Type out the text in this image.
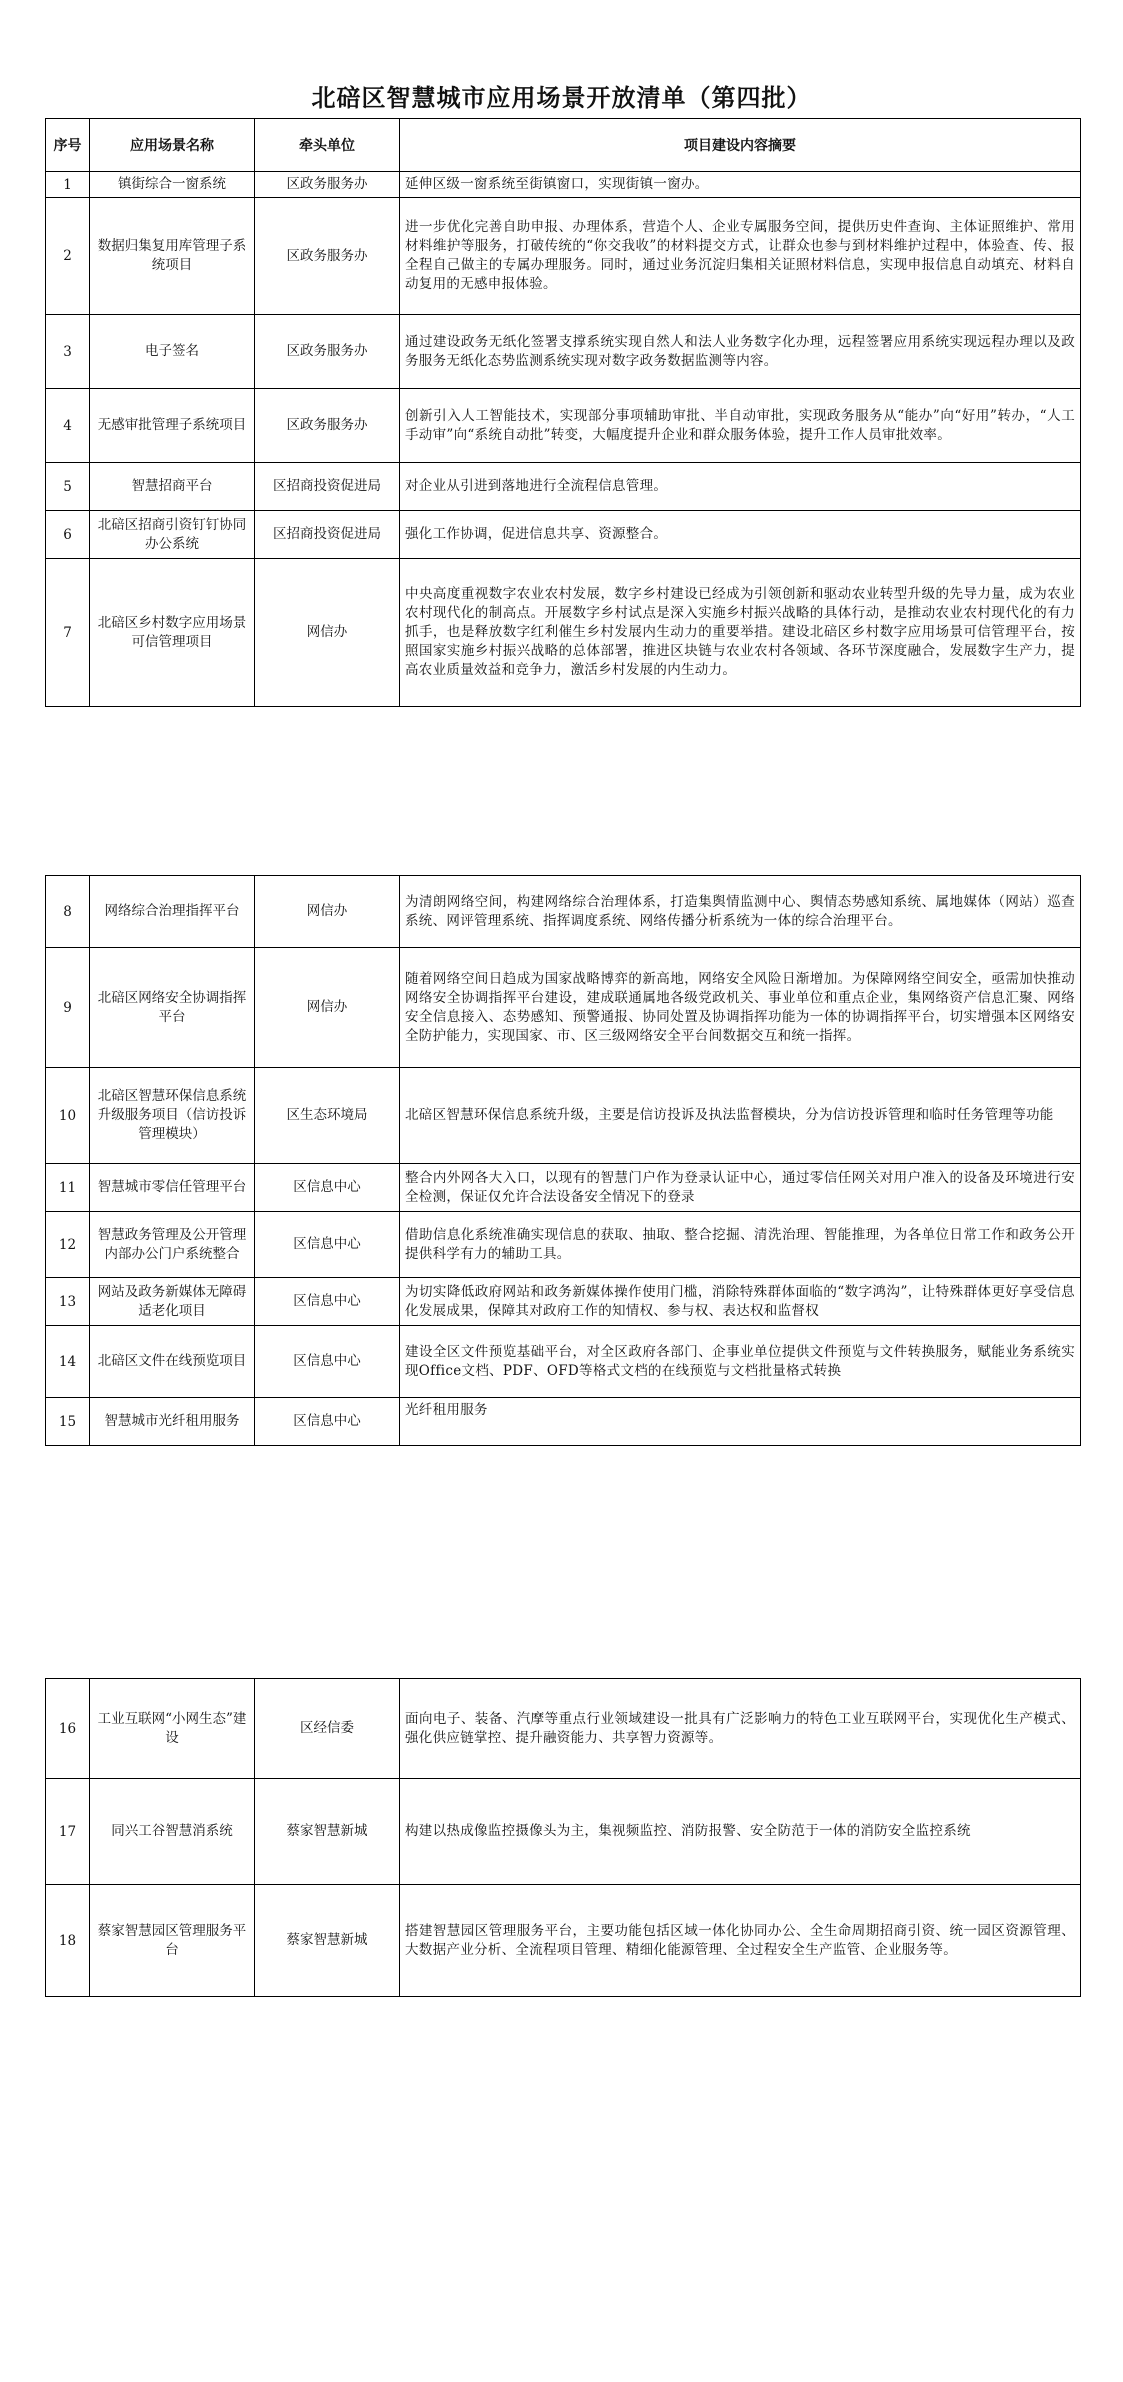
北碚区智慧城市应用场景开放清单（第四批）
序号	应用场景名称	牵头单位	项目建设内容摘要
1	镇街综合一窗系统	区政务服务办	延伸区级一窗系统至街镇窗口，实现街镇一窗办。
2	数据归集复用库管理子系统项目	区政务服务办	进一步优化完善自助申报、办理体系，营造个人、企业专属服务空间，提供历史件查询、主体证照维护、常用材料维护等服务，打破传统的“你交我收”的材料提交方式，让群众也参与到材料维护过程中，体验查、传、报全程自己做主的专属办理服务。同时，通过业务沉淀归集相关证照材料信息，实现申报信息自动填充、材料自动复用的无感申报体验。
3	电子签名	区政务服务办	通过建设政务无纸化签署支撑系统实现自然人和法人业务数字化办理，远程签署应用系统实现远程办理以及政务服务无纸化态势监测系统实现对数字政务数据监测等内容。
4	无感审批管理子系统项目	区政务服务办	创新引入人工智能技术，实现部分事项辅助审批、半自动审批，实现政务服务从“能办”向“好用”转办，“人工手动审”向“系统自动批”转变，大幅度提升企业和群众服务体验，提升工作人员审批效率。
5	智慧招商平台	区招商投资促进局	对企业从引进到落地进行全流程信息管理。
6	北碚区招商引资钉钉协同办公系统	区招商投资促进局	强化工作协调，促进信息共享、资源整合。
7	北碚区乡村数字应用场景可信管理项目	网信办	中央高度重视数字农业农村发展，数字乡村建设已经成为引领创新和驱动农业转型升级的先导力量，成为农业农村现代化的制高点。开展数字乡村试点是深入实施乡村振兴战略的具体行动，是推动农业农村现代化的有力抓手，也是释放数字红利催生乡村发展内生动力的重要举措。建设北碚区乡村数字应用场景可信管理平台，按照国家实施乡村振兴战略的总体部署，推进区块链与农业农村各领域、各环节深度融合，发展数字生产力，提高农业质量效益和竞争力，激活乡村发展的内生动力。
8	网络综合治理指挥平台	网信办	为清朗网络空间，构建网络综合治理体系，打造集舆情监测中心、舆情态势感知系统、属地媒体（网站）巡查系统、网评管理系统、指挥调度系统、网络传播分析系统为一体的综合治理平台。
9	北碚区网络安全协调指挥平台	网信办	随着网络空间日趋成为国家战略博弈的新高地，网络安全风险日渐增加。为保障网络空间安全，亟需加快推动网络安全协调指挥平台建设，建成联通属地各级党政机关、事业单位和重点企业，集网络资产信息汇聚、网络安全信息接入、态势感知、预警通报、协同处置及协调指挥功能为一体的协调指挥平台，切实增强本区网络安全防护能力，实现国家、市、区三级网络安全平台间数据交互和统一指挥。
10	北碚区智慧环保信息系统升级服务项目（信访投诉管理模块）	区生态环境局	北碚区智慧环保信息系统升级，主要是信访投诉及执法监督模块，分为信访投诉管理和临时任务管理等功能
11	智慧城市零信任管理平台	区信息中心	整合内外网各大入口，以现有的智慧门户作为登录认证中心，通过零信任网关对用户准入的设备及环境进行安全检测，保证仅允许合法设备安全情况下的登录
12	智慧政务管理及公开管理内部办公门户系统整合	区信息中心	借助信息化系统准确实现信息的获取、抽取、整合挖掘、清洗治理、智能推理，为各单位日常工作和政务公开提供科学有力的辅助工具。
13	网站及政务新媒体无障碍适老化项目	区信息中心	为切实降低政府网站和政务新媒体操作使用门槛，消除特殊群体面临的“数字鸿沟”，让特殊群体更好享受信息化发展成果，保障其对政府工作的知情权、参与权、表达权和监督权
14	北碚区文件在线预览项目	区信息中心	建设全区文件预览基础平台，对全区政府各部门、企事业单位提供文件预览与文件转换服务，赋能业务系统实现Office文档、PDF、OFD等格式文档的在线预览与文档批量格式转换
15	智慧城市光纤租用服务	区信息中心	光纤租用服务
16	工业互联网“小网生态”建设	区经信委	面向电子、装备、汽摩等重点行业领域建设一批具有广泛影响力的特色工业互联网平台，实现优化生产模式、强化供应链掌控、提升融资能力、共享智力资源等。
17	同兴工谷智慧消系统	蔡家智慧新城	构建以热成像监控摄像头为主，集视频监控、消防报警、安全防范于一体的消防安全监控系统
18	蔡家智慧园区管理服务平台	蔡家智慧新城	搭建智慧园区管理服务平台，主要功能包括区域一体化协同办公、全生命周期招商引资、统一园区资源管理、大数据产业分析、全流程项目管理、精细化能源管理、全过程安全生产监管、企业服务等。
